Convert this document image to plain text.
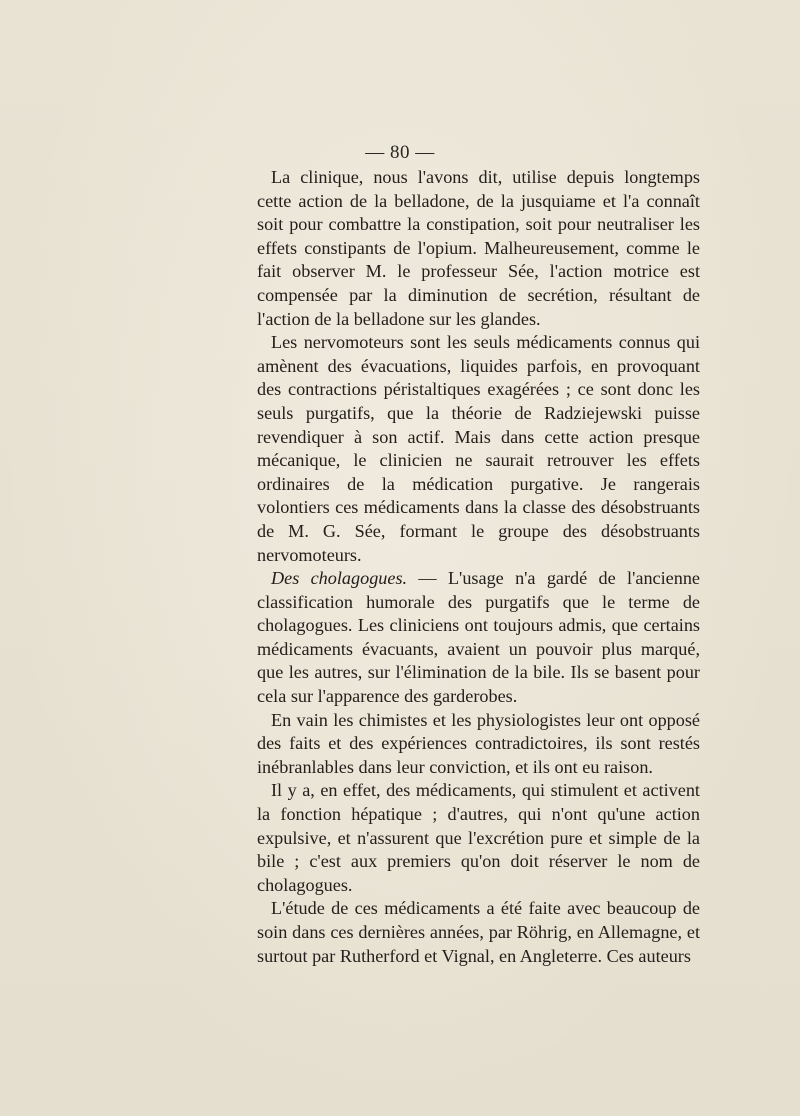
— 80 —

La clinique, nous l'avons dit, utilise depuis longtemps cette action de la belladone, de la jusquiame et l'a connaît soit pour combattre la constipation, soit pour neutraliser les effets constipants de l'opium. Malheureusement, comme le fait observer M. le professeur Sée, l'action motrice est compensée par la diminution de secrétion, résultant de l'action de la belladone sur les glandes.

Les nervomoteurs sont les seuls médicaments connus qui amènent des évacuations, liquides parfois, en provoquant des contractions péristaltiques exagérées ; ce sont donc les seuls purgatifs, que la théorie de Radziejewski puisse revendiquer à son actif. Mais dans cette action presque mécanique, le clinicien ne saurait retrouver les effets ordinaires de la médication purgative. Je rangerais volontiers ces médicaments dans la classe des désobstruants de M. G. Sée, formant le groupe des désobstruants nervomoteurs.

Des cholagogues. — L'usage n'a gardé de l'ancienne classification humorale des purgatifs que le terme de cholagogues. Les cliniciens ont toujours admis, que certains médicaments évacuants, avaient un pouvoir plus marqué, que les autres, sur l'élimination de la bile. Ils se basent pour cela sur l'apparence des garderobes.

En vain les chimistes et les physiologistes leur ont opposé des faits et des expériences contradictoires, ils sont restés inébranlables dans leur conviction, et ils ont eu raison.

Il y a, en effet, des médicaments, qui stimulent et activent la fonction hépatique ; d'autres, qui n'ont qu'une action expulsive, et n'assurent que l'excrétion pure et simple de la bile ; c'est aux premiers qu'on doit réserver le nom de cholagogues.

L'étude de ces médicaments a été faite avec beaucoup de soin dans ces dernières années, par Röhrig, en Allemagne, et surtout par Rutherford et Vignal, en Angleterre. Ces auteurs
